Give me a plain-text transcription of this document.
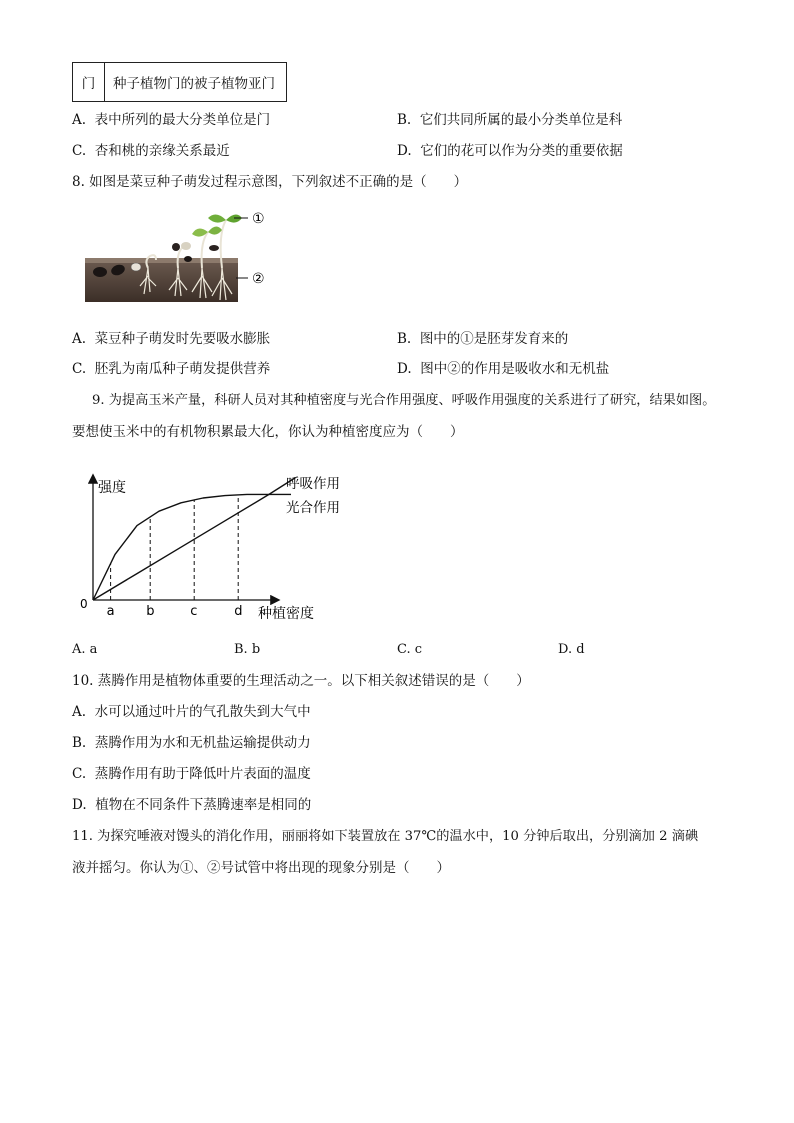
门	种子植物门的被子植物亚门
A. 表中所列的最大分类单位是门	B. 它们共同所属的最小分类单位是科
C. 杏和桃的亲缘关系最近	D. 它们的花可以作为分类的重要依据
8. 如图是菜豆种子萌发过程示意图，下列叙述不正确的是（　　）
①
②
A. 菜豆种子萌发时先要吸水膨胀	B. 图中的①是胚芽发育来的
C. 胚乳为南瓜种子萌发提供营养	D. 图中②的作用是吸收水和无机盐
9. 为提高玉米产量，科研人员对其种植密度与光合作用强度、呼吸作用强度的关系进行了研究，结果如图。
要想使玉米中的有机物积累最大化，你认为种植密度应为（　　）
强度
种植密度
0 a b	c	d
呼吸作用
光合作用
A. a	B. b	C. c	D. d
10. 蒸腾作用是植物体重要的生理活动之一。以下相关叙述错误的是（　　）
A. 水可以通过叶片的气孔散失到大气中
B. 蒸腾作用为水和无机盐运输提供动力
C. 蒸腾作用有助于降低叶片表面的温度
D. 植物在不同条件下蒸腾速率是相同的
11. 为探究唾液对馒头的消化作用，丽丽将如下装置放在 37℃的温水中，10 分钟后取出，分别滴加 2 滴碘
液并摇匀。你认为①、②号试管中将出现的现象分别是（　　）
